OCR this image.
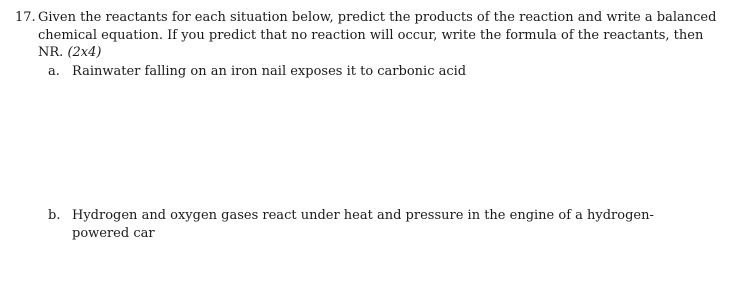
17. Given the reactants for each situation below, predict the products of the reaction and write a balanced chemical equation. If you predict that no reaction will occur, write the formula of the reactants, then NR. (2x4)
a. Rainwater falling on an iron nail exposes it to carbonic acid
b. Hydrogen and oxygen gases react under heat and pressure in the engine of a hydrogen-powered car
